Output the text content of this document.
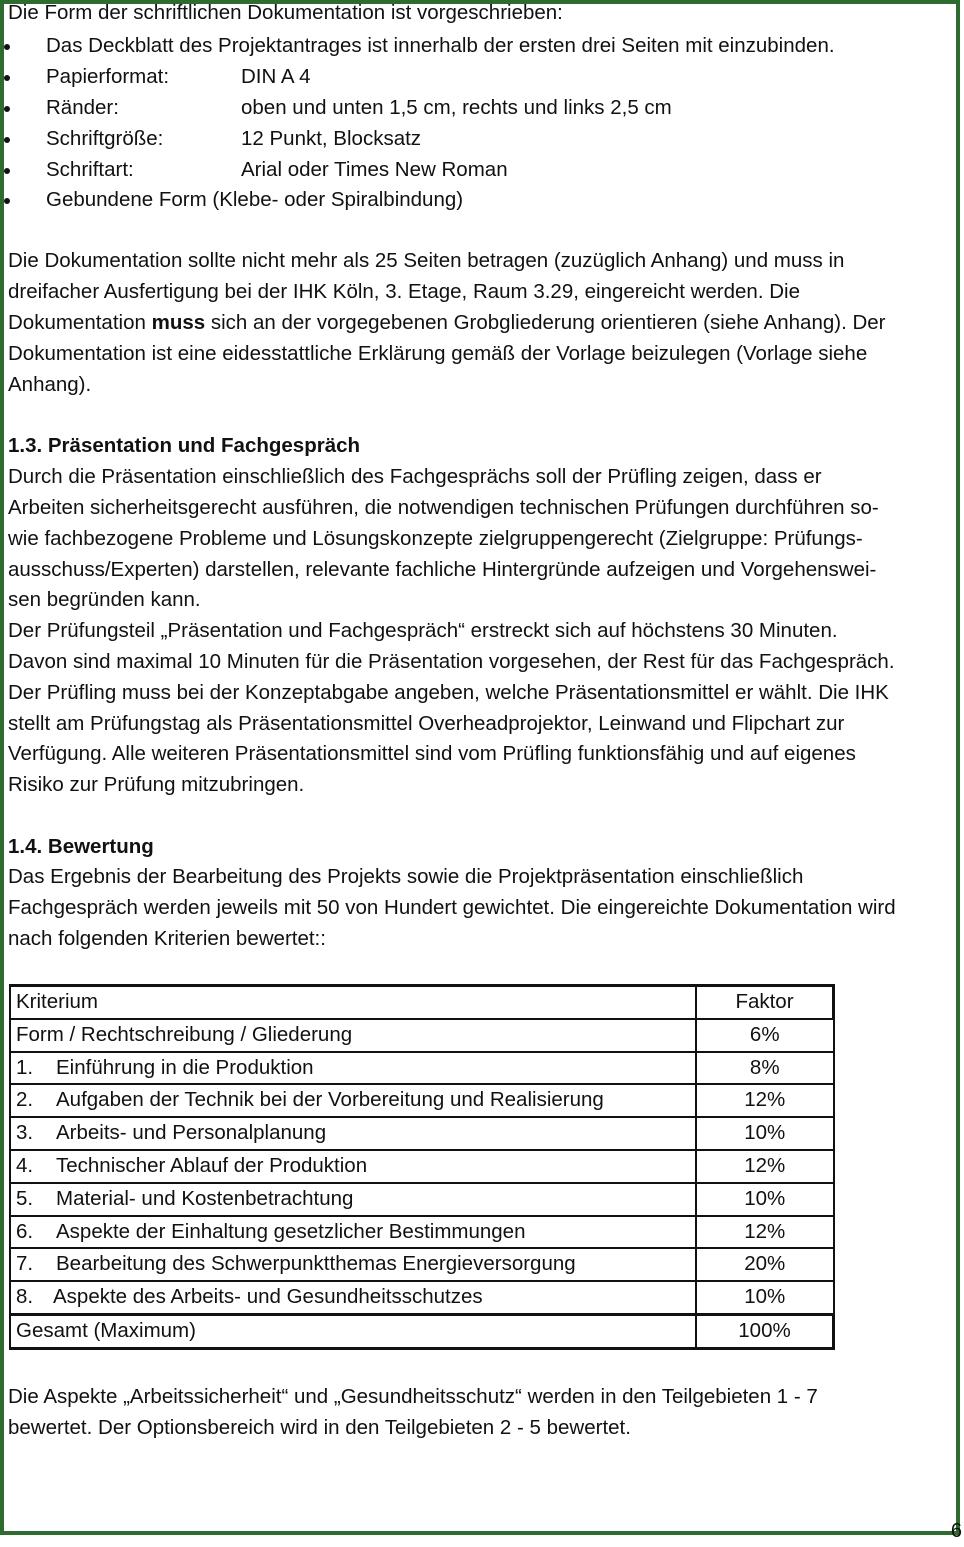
Die Form der schriftlichen Dokumentation ist vorgeschrieben:

Das Deckblatt des Projektantrages ist innerhalb der ersten drei Seiten mit einzubinden.
Papierformat:	DIN A 4
Ränder:	oben und unten 1,5 cm, rechts und links 2,5 cm
Schriftgröße:	12 Punkt, Blocksatz
Schriftart:	Arial oder Times New Roman
Gebundene Form (Klebe- oder Spiralbindung)

Die Dokumentation sollte nicht mehr als 25 Seiten betragen (zuzüglich Anhang) und muss in

dreifacher Ausfertigung bei der IHK Köln, 3. Etage, Raum 3.29, eingereicht werden. Die

Dokumentation muss sich an der vorgegebenen Grobgliederung orientieren (siehe Anhang). Der

Dokumentation ist eine eidesstattliche Erklärung gemäß der Vorlage beizulegen (Vorlage siehe

Anhang).

1.3. Präsentation und Fachgespräch

Durch die Präsentation einschließlich des Fachgesprächs soll der Prüfling zeigen, dass er

Arbeiten sicherheitsgerecht ausführen, die notwendigen technischen Prüfungen durchführen so-

wie fachbezogene Probleme und Lösungskonzepte zielgruppengerecht (Zielgruppe: Prüfungs-

ausschuss/Experten) darstellen, relevante fachliche Hintergründe aufzeigen und Vorgehenswei-

sen begründen kann.

Der Prüfungsteil „Präsentation und Fachgespräch“ erstreckt sich auf höchstens 30 Minuten.

Davon sind maximal 10 Minuten für die Präsentation vorgesehen, der Rest für das Fachgespräch.

Der Prüfling muss bei der Konzeptabgabe angeben, welche Präsentationsmittel er wählt. Die IHK

stellt am Prüfungstag als Präsentationsmittel Overheadprojektor, Leinwand und Flipchart zur

Verfügung. Alle weiteren Präsentationsmittel sind vom Prüfling funktionsfähig und auf eigenes

Risiko zur Prüfung mitzubringen.

1.4. Bewertung

Das Ergebnis der Bearbeitung des Projekts sowie die Projektpräsentation einschließlich

Fachgespräch werden jeweils mit 50 von Hundert gewichtet. Die eingereichte Dokumentation wird

nach folgenden Kriterien bewertet::

Kriterium	Faktor
Form / Rechtschreibung / Gliederung	6%
1. Einführung in die Produktion	8%
2. Aufgaben der Technik bei der Vorbereitung und Realisierung	12%
3. Arbeits- und Personalplanung	10%
4. Technischer Ablauf der Produktion	12%
5. Material- und Kostenbetrachtung	10%
6. Aspekte der Einhaltung gesetzlicher Bestimmungen	12%
7. Bearbeitung des Schwerpunktthemas Energieversorgung	20%
8. Aspekte des Arbeits- und Gesundheitsschutzes	10%
Gesamt (Maximum)	100%

Die Aspekte „Arbeitssicherheit“ und „Gesundheitsschutz“ werden in den Teilgebieten 1 - 7

bewertet. Der Optionsbereich wird in den Teilgebieten 2 - 5 bewertet.

6
